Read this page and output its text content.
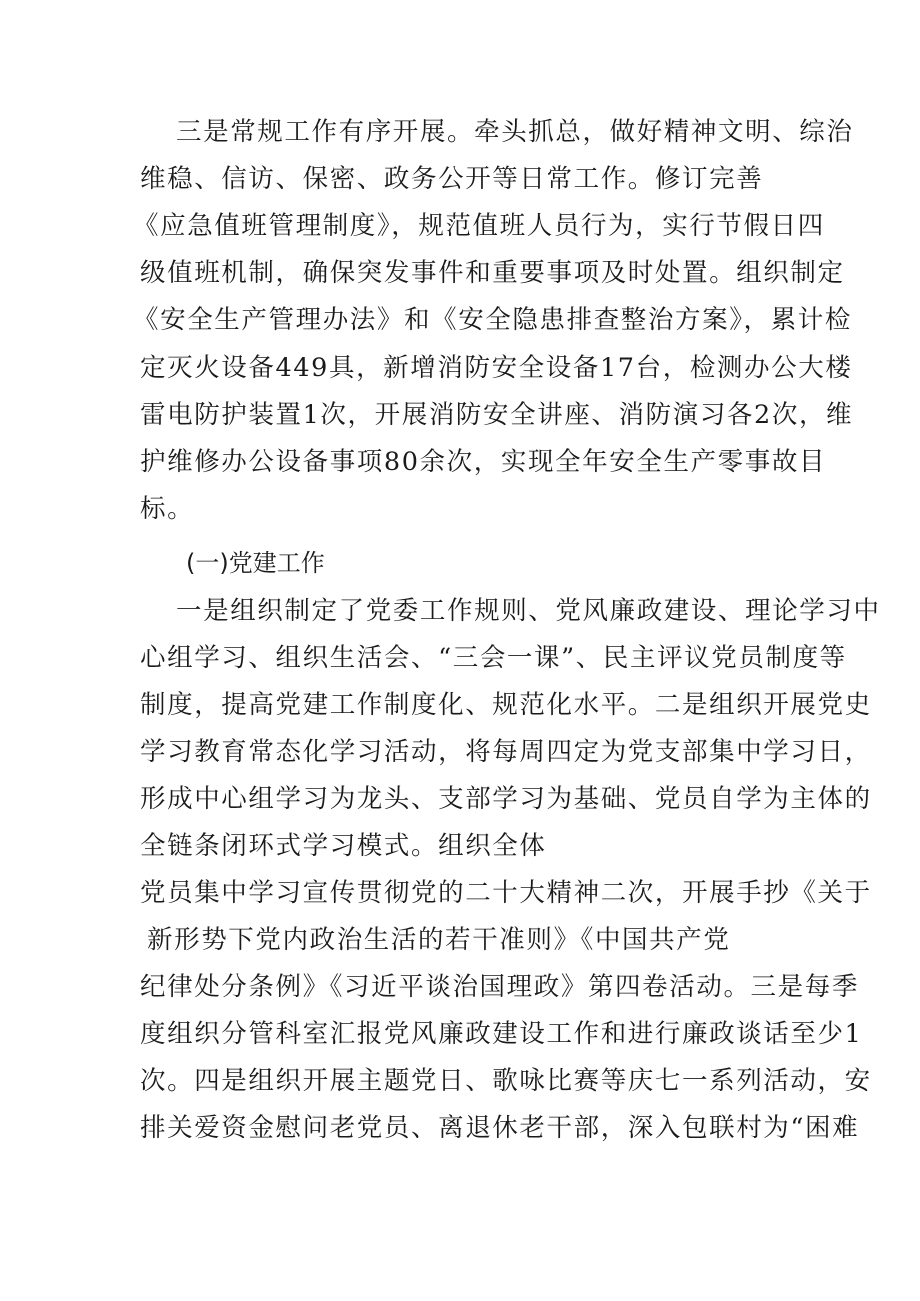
三是常规工作有序开展。牵头抓总，做好精神文明、综治
维稳、信访、保密、政务公开等日常工作。修订完善
《应急值班管理制度》，规范值班人员行为，实行节假日四
级值班机制，确保突发事件和重要事项及时处置。组织制定
《安全生产管理办法》和《安全隐患排查整治方案》，累计检
定灭火设备449具，新增消防安全设备17台，检测办公大楼
雷电防护装置1次，开展消防安全讲座、消防演习各2次，维
护维修办公设备事项80余次，实现全年安全生产零事故目
标。
(一)党建工作
一是组织制定了党委工作规则、党风廉政建设、理论学习中
心组学习、组织生活会、“三会一课”、民主评议党员制度等
制度，提高党建工作制度化、规范化水平。二是组织开展党史
学习教育常态化学习活动，将每周四定为党支部集中学习日，
形成中心组学习为龙头、支部学习为基础、党员自学为主体的
全链条闭环式学习模式。组织全体
党员集中学习宣传贯彻党的二十大精神二次，开展手抄《关于
新形势下党内政治生活的若干准则》《中国共产党
纪律处分条例》《习近平谈治国理政》第四卷活动。三是每季
度组织分管科室汇报党风廉政建设工作和进行廉政谈话至少1
次。四是组织开展主题党日、歌咏比赛等庆七一系列活动，安
排关爱资金慰问老党员、离退休老干部，深入包联村为“困难
